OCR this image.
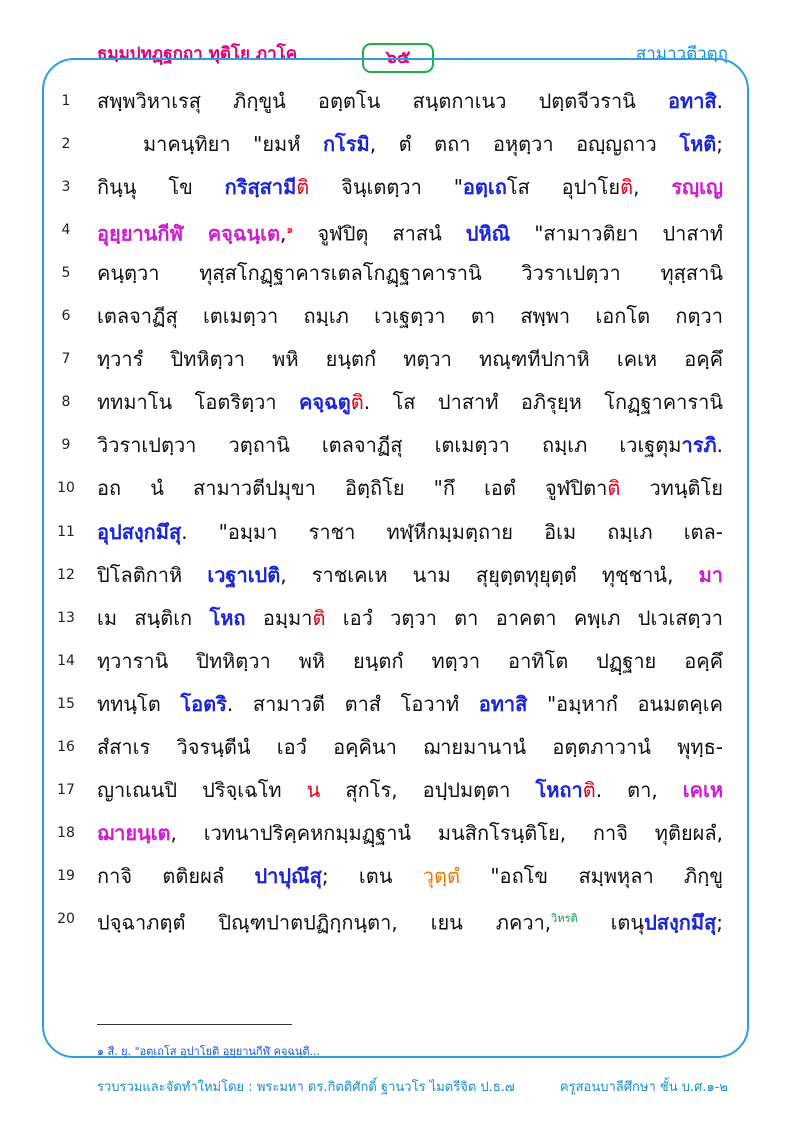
ธมฺมปทฏฺฐกถา ทุติโย ภาโค	๖๕	สามาวตีวตฺถุ
1	สพฺพวิหาเรสุ ภิกฺขูนํ อตฺตโน สนฺตกาเนว ปตฺตจีวรานิ อทาสิ.
2	มาคนฺทิยา "ยมหํ กโรมิ, ตํ ตถา อหุตฺวา อญฺญถาว โหติ;
3	กินฺนุ โข กริสฺสามีติ จินฺเตตฺวา "อตฺเถโส อุปาโยติ, รญฺเญ
4	อุยฺยานกีฬํ คจฺฉนฺเต,$^๑$ จูฬปิตุ สาสนํ ปหิณิ "สามาวติยา ปาสาทํ
5	คนฺตฺวา ทุสฺสโกฏฺฐาคารเตลโกฏฺฐาคารานิ วิวราเปตฺวา ทุสฺสานิ
6	เตลจาฏีสุ เตเมตฺวา ถมฺเภ เวเฐตฺวา ตา สพฺพา เอกโต กตฺวา
7	ทฺวารํ ปิทหิตฺวา พหิ ยนฺตกํ ทตฺวา ทณฺฑทีปกาหิ เคเห อคฺคึ
8	ททมาโน โอตริตฺวา คจฺฉตูติ. โส ปาสาทํ อภิรุยฺห โกฏฺฐาคารานิ
9	วิวราเปตฺวา วตฺถานิ เตลจาฏีสุ เตเมตฺวา ถมฺเภ เวเฐตุมารภิ.
10	อถ นํ สามาวตีปมุขา อิตฺถิโย "กึ เอตํ จูฬปิตาติ วทนฺติโย
11	อุปสงฺกมึสุ. "อมฺมา ราชา ทฬฺหีกมฺมตฺถาย อิเม ถมฺเภ เตล-
12	ปิโลติกาหิ เวฐาเปติ, ราชเคเห นาม สุยุตฺตทุยุตฺตํ ทุชฺชานํ, มา
13	เม สนฺติเก โหถ อมฺมาติ เอวํ วตฺวา ตา อาคตา คพฺเภ ปเวเสตฺวา
14	ทฺวารานิ ปิทหิตฺวา พหิ ยนฺตกํ ทตฺวา อาทิโต ปฏฺฐาย อคฺคึ
15	ททนฺโต โอตริ. สามาวตี ตาสํ โอวาทํ อทาสิ "อมฺหากํ อนมตคฺเค
16	สํสาเร วิจรนฺตีนํ เอวํ อคฺคินา ฌายมานานํ อตฺตภาวานํ พุทฺธ-
17	ญาเณนปิ ปริจฺเฉโท น สุกโร, อปฺปมตฺตา โหถาติ. ตา, เคเห
18	ฌายนฺเต, เวทนาปริคฺคหกมฺมฏฺฐานํ มนสิกโรนฺติโย, กาจิ ทุติยผลํ,
19	กาจิ ตติยผลํ ปาปุณึสุ; เตน วุตฺตํ "อถโข สมฺพหุลา ภิกฺขู
20	ปจฺฉาภตฺตํ ปิณฺฑปาตปฏิกฺกนฺตา, เยน ภควา,$^{วิหรติ}$ เตนุปสงฺกมึสุ;
๑ สี. ยุ. "อตฺเถโส อุปาโยติ อุยฺยานกีฬํ คจฺฉนฺตี...
รวบรวมและจัดทำใหม่โดย : พระมหา ดร.กิตติศักดิ์ ฐานวโร ไมตรีจิต ป.ธ.๗	ครูสอนบาลีศึกษา ชั้น บ.ศ.๑-๒
